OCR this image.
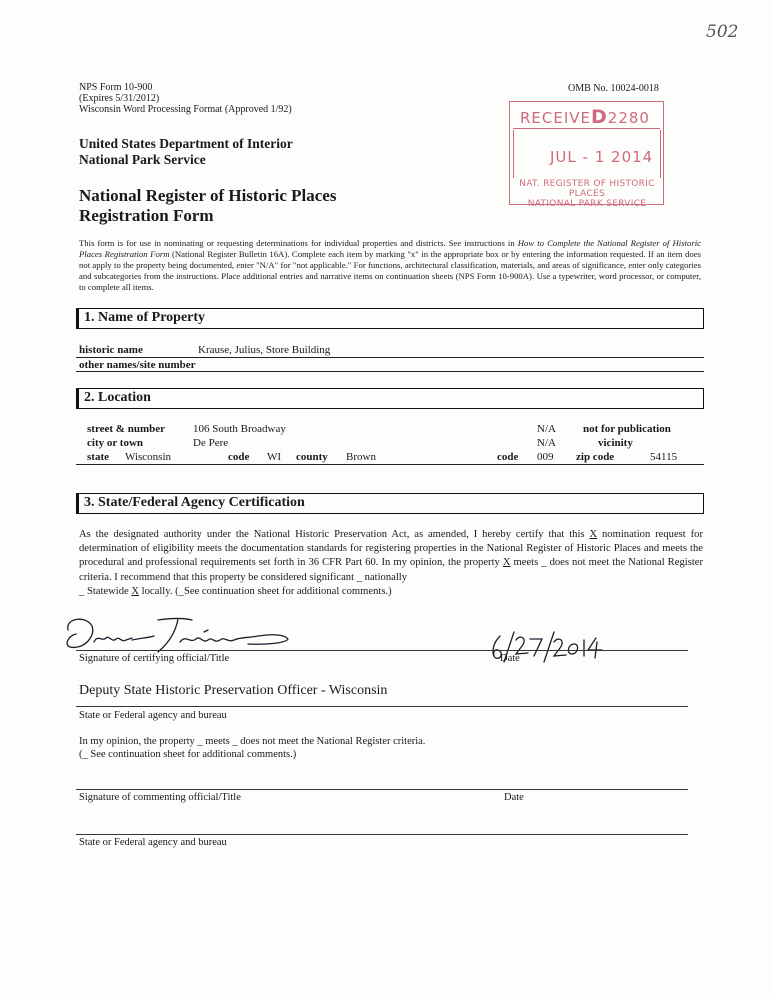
502
NPS Form 10-900
(Expires 5/31/2012)
Wisconsin Word Processing Format (Approved 1/92)
OMB No. 10024-0018
RECEIVED2280
JUL - 1 2014
NAT. REGISTER OF HISTORIC PLACES
NATIONAL PARK SERVICE
United States Department of Interior
National Park Service
National Register of Historic Places
Registration Form
This form is for use in nominating or requesting determinations for individual properties and districts. See instructions in How to Complete the National Register of Historic Places Registration Form (National Register Bulletin 16A). Complete each item by marking "x" in the appropriate box or by entering the information requested. If an item does not apply to the property being documented, enter "N/A" for "not applicable." For functions, architectural classification, materials, and areas of significance, enter only categories and subcategories from the instructions. Place additional entries and narrative items on continuation sheets (NPS Form 10-900A). Use a typewriter, word processor, or computer, to complete all items.
1. Name of Property
historic name	Krause, Julius, Store Building
other names/site number
2. Location
street & number	106 South Broadway	N/A not for publication
city or town	De Pere	N/A	vicinity
state Wisconsin	code WI county Brown	code 009 zip code	54115
3. State/Federal Agency Certification
As the designated authority under the National Historic Preservation Act, as amended, I hereby certify that this X nomination request for determination of eligibility meets the documentation standards for registering properties in the National Register of Historic Places and meets the procedural and professional requirements set forth in 36 CFR Part 60. In my opinion, the property X meets _ does not meet the National Register criteria. I recommend that this property be considered significant _ nationally
_ Statewide X locally. (_See continuation sheet for additional comments.)
Signature of certifying official/Title	Date
Deputy State Historic Preservation Officer - Wisconsin
State or Federal agency and bureau
In my opinion, the property _ meets _ does not meet the National Register criteria.
(_ See continuation sheet for additional comments.)
Signature of commenting official/Title	Date
State or Federal agency and bureau
